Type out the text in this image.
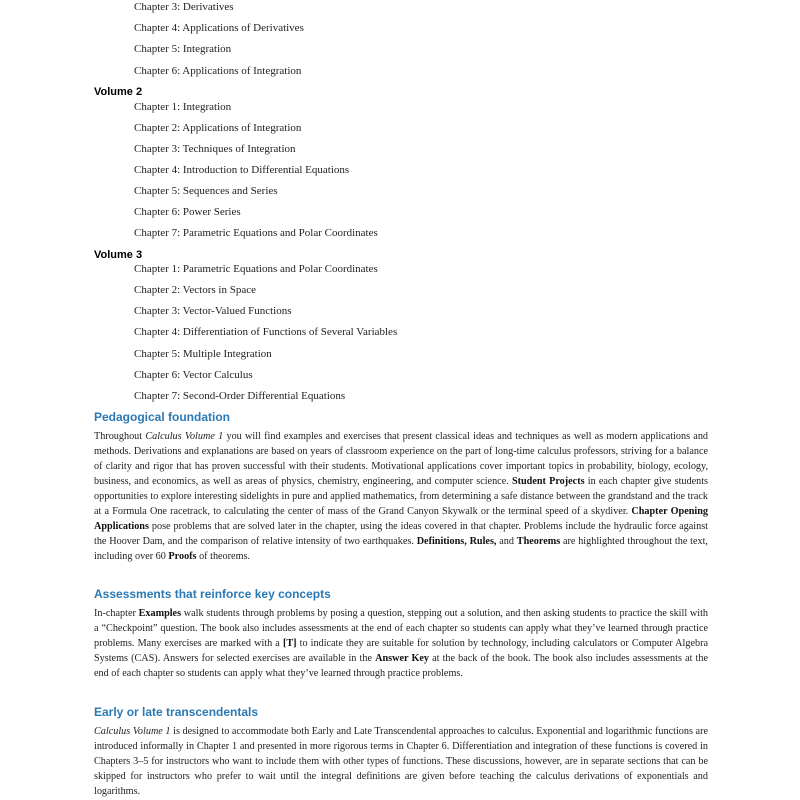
Chapter 3: Derivatives
Chapter 4: Applications of Derivatives
Chapter 5: Integration
Chapter 6: Applications of Integration
Volume 2
Chapter 1: Integration
Chapter 2: Applications of Integration
Chapter 3: Techniques of Integration
Chapter 4: Introduction to Differential Equations
Chapter 5: Sequences and Series
Chapter 6: Power Series
Chapter 7: Parametric Equations and Polar Coordinates
Volume 3
Chapter 1: Parametric Equations and Polar Coordinates
Chapter 2: Vectors in Space
Chapter 3: Vector-Valued Functions
Chapter 4: Differentiation of Functions of Several Variables
Chapter 5: Multiple Integration
Chapter 6: Vector Calculus
Chapter 7: Second-Order Differential Equations
Pedagogical foundation

Throughout Calculus Volume 1 you will find examples and exercises that present classical ideas and techniques as well as modern applications and methods. Derivations and explanations are based on years of classroom experience on the part of long-time calculus professors, striving for a balance of clarity and rigor that has proven successful with their students. Motivational applications cover important topics in probability, biology, ecology, business, and economics, as well as areas of physics, chemistry, engineering, and computer science. Student Projects in each chapter give students opportunities to explore interesting sidelights in pure and applied mathematics, from determining a safe distance between the grandstand and the track at a Formula One racetrack, to calculating the center of mass of the Grand Canyon Skywalk or the terminal speed of a skydiver. Chapter Opening Applications pose problems that are solved later in the chapter, using the ideas covered in that chapter. Problems include the hydraulic force against the Hoover Dam, and the comparison of relative intensity of two earthquakes. Definitions, Rules, and Theorems are highlighted throughout the text, including over 60 Proofs of theorems.

Assessments that reinforce key concepts

In-chapter Examples walk students through problems by posing a question, stepping out a solution, and then asking students to practice the skill with a “Checkpoint” question. The book also includes assessments at the end of each chapter so students can apply what they’ve learned through practice problems. Many exercises are marked with a [T] to indicate they are suitable for solution by technology, including calculators or Computer Algebra Systems (CAS). Answers for selected exercises are available in the Answer Key at the back of the book. The book also includes assessments at the end of each chapter so students can apply what they’ve learned through practice problems.

Early or late transcendentals

Calculus Volume 1 is designed to accommodate both Early and Late Transcendental approaches to calculus. Exponential and logarithmic functions are introduced informally in Chapter 1 and presented in more rigorous terms in Chapter 6. Differentiation and integration of these functions is covered in Chapters 3–5 for instructors who want to include them with other types of functions. These discussions, however, are in separate sections that can be skipped for instructors who prefer to wait until the integral definitions are given before teaching the calculus derivations of exponentials and logarithms.
